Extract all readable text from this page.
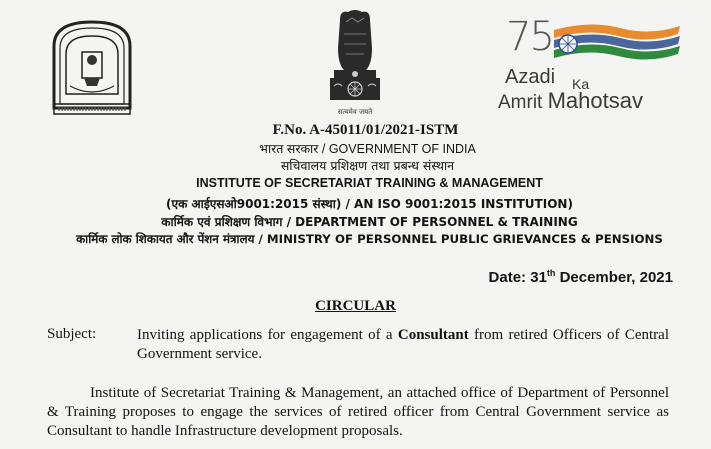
सत्यमेव जयते
75
Azadi Ka
Amrit Mahotsav
F.No. A-45011/01/2021-ISTM
भारत सरकार / GOVERNMENT OF INDIA
सचिवालय प्रशिक्षण तथा प्रबन्ध संस्थान
INSTITUTE OF SECRETARIAT TRAINING & MANAGEMENT
(एक आईएसओ9001:2015 संस्था) / AN ISO 9001:2015 INSTITUTION)
कार्मिक एवं प्रशिक्षण विभाग / DEPARTMENT OF PERSONNEL & TRAINING
कार्मिक लोक शिकायत और पेंशन मंत्रालय / MINISTRY OF PERSONNEL PUBLIC GRIEVANCES & PENSIONS
Date: 31th December, 2021
CIRCULAR
Subject:	Inviting applications for engagement of a Consultant from retired Officers of Central Government service.
Institute of Secretariat Training & Management, an attached office of Department of Personnel & Training proposes to engage the services of retired officer from Central Government service as Consultant to handle Infrastructure development proposals.
